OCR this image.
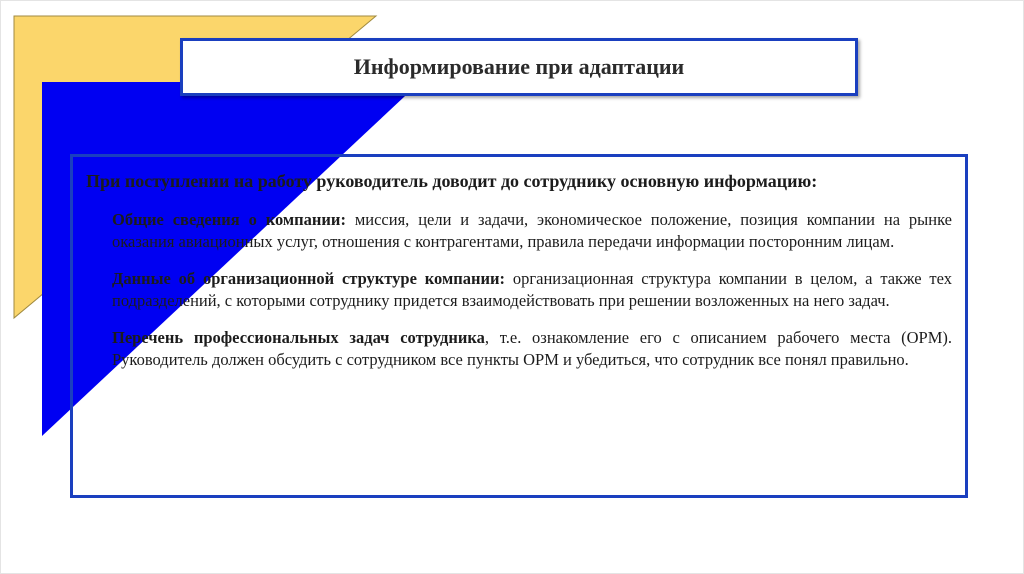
Информирование при адаптации

При поступлении на работу руководитель доводит до сотруднику основную информацию:

Общие сведения о компании: миссия, цели и задачи, экономическое положение, позиция компании на рынке оказания авиационных услуг, отношения с контрагентами, правила передачи информации посторонним лицам.

Данные об организационной структуре компании: организационная структура компании в целом, а также тех подразделений, с которыми сотруднику придется взаимодействовать при решении возложенных на него задач.

Перечень профессиональных задач сотрудника, т.е. ознакомление его с описанием рабочего места (ОРМ). Руководитель должен обсудить с сотрудником все пункты ОРМ и убедиться, что сотрудник все понял правильно.
